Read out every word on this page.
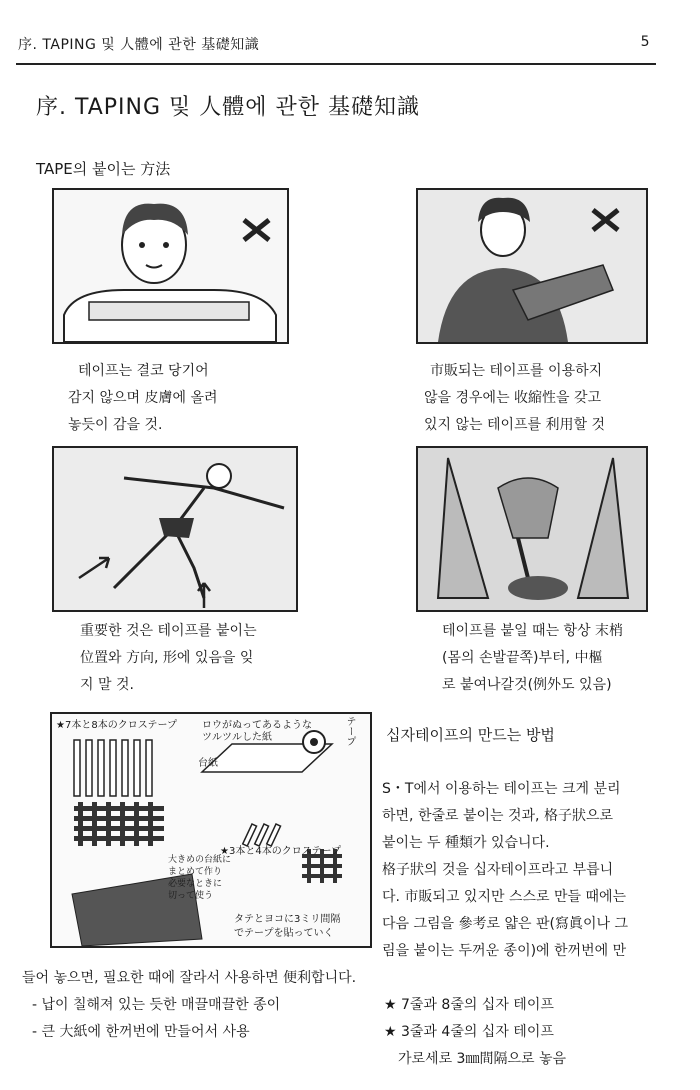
序. TAPING 및 人體에 관한 基礎知識	5
序. TAPING 및 人體에 관한 基礎知識
TAPE의 붙이는 方法
테이프는 결코 당기어
감지 않으며 皮膚에 올려
놓듯이 감을 것.
市販되는 테이프를 이용하지
않을 경우에는 收縮性을 갖고
있지 않는 테이프를 利用할 것
重要한 것은 테이프를 붙이는
位置와 方向, 形에 있음을 잊
지 말 것.
테이프를 붙일 때는 항상 末梢
(몸의 손발끝쪽)부터, 中樞
로 붙여나갈것(例外도 있음)
★7本と8本のクロステープ	ロウがぬってあるような
ツルツルした紙	テープ
台紙
★3本と4本のクロステープ
大きめの台紙に
まとめて作り
必要なときに
切って使う
タテとヨコに3ミリ間隔
でテープを貼っていく
십자테이프의 만드는 방법
S・T에서 이용하는 테이프는 크게 분리
하면, 한줄로 붙이는 것과, 格子狀으로
붙이는 두 種類가 있습니다.
格子狀의 것을 십자테이프라고 부릅니
다. 市販되고 있지만 스스로 만들 때에는
다음 그림을 參考로 얇은 판(寫眞이나 그
림을 붙이는 두꺼운 종이)에 한꺼번에 만
들어 놓으면, 필요한 때에 잘라서 사용하면 便利합니다.
- 납이 칠해져 있는 듯한 매끌매끌한 종이
- 큰 大紙에 한꺼번에 만들어서 사용
★ 7줄과 8줄의 십자 테이프
★ 3줄과 4줄의 십자 테이프
가로세로 3㎜間隔으로 놓음
